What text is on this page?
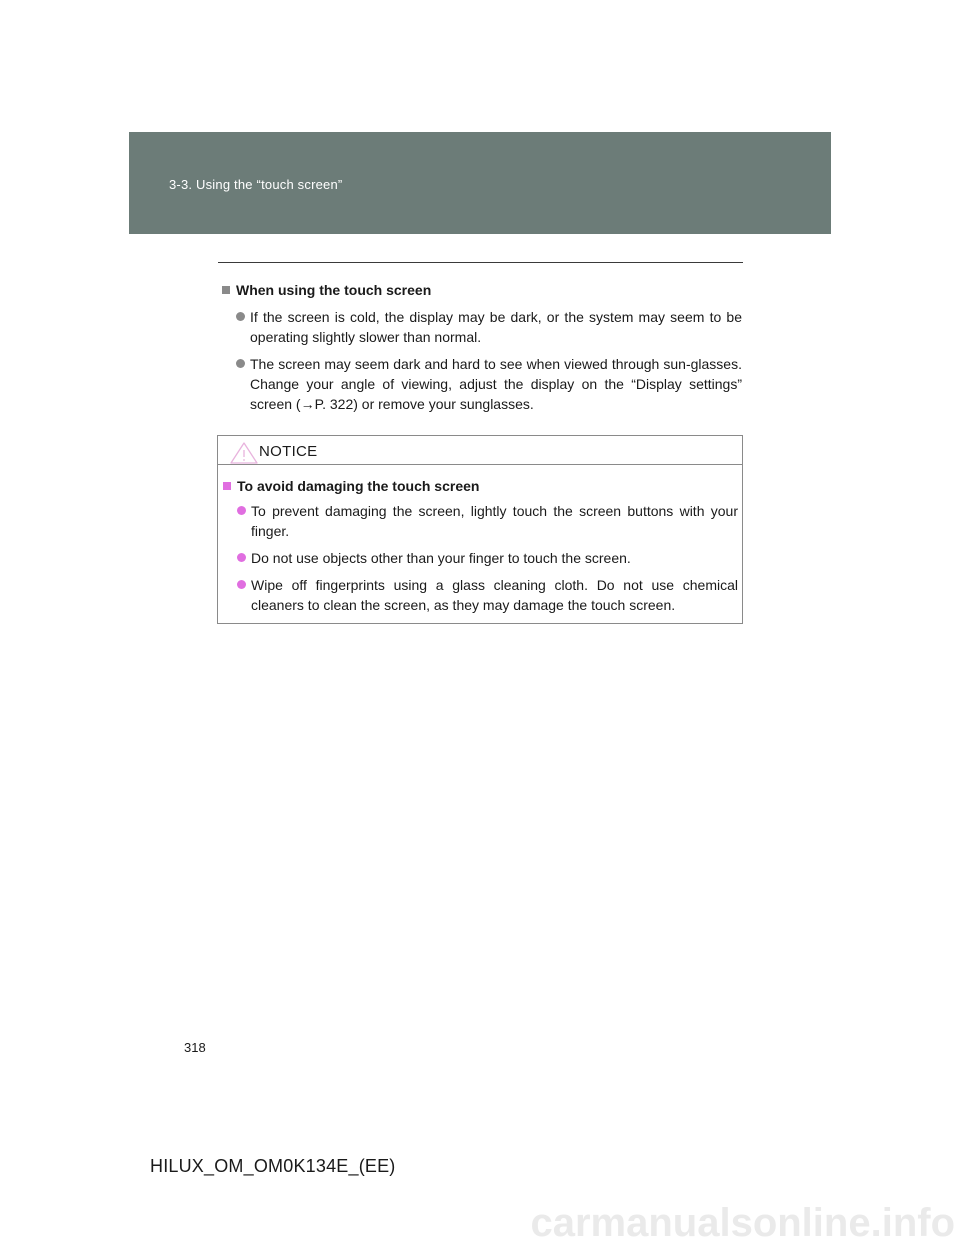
3-3. Using the “touch screen”
When using the touch screen
If the screen is cold, the display may be dark, or the system may seem to be operating slightly slower than normal.
The screen may seem dark and hard to see when viewed through sun-glasses. Change your angle of viewing, adjust the display on the “Display settings” screen (→P. 322) or remove your sunglasses.
NOTICE
To avoid damaging the touch screen
To prevent damaging the screen, lightly touch the screen buttons with your finger.
Do not use objects other than your finger to touch the screen.
Wipe off fingerprints using a glass cleaning cloth. Do not use chemical cleaners to clean the screen, as they may damage the touch screen.
318
HILUX_OM_OM0K134E_(EE)
carmanualsonline.info
